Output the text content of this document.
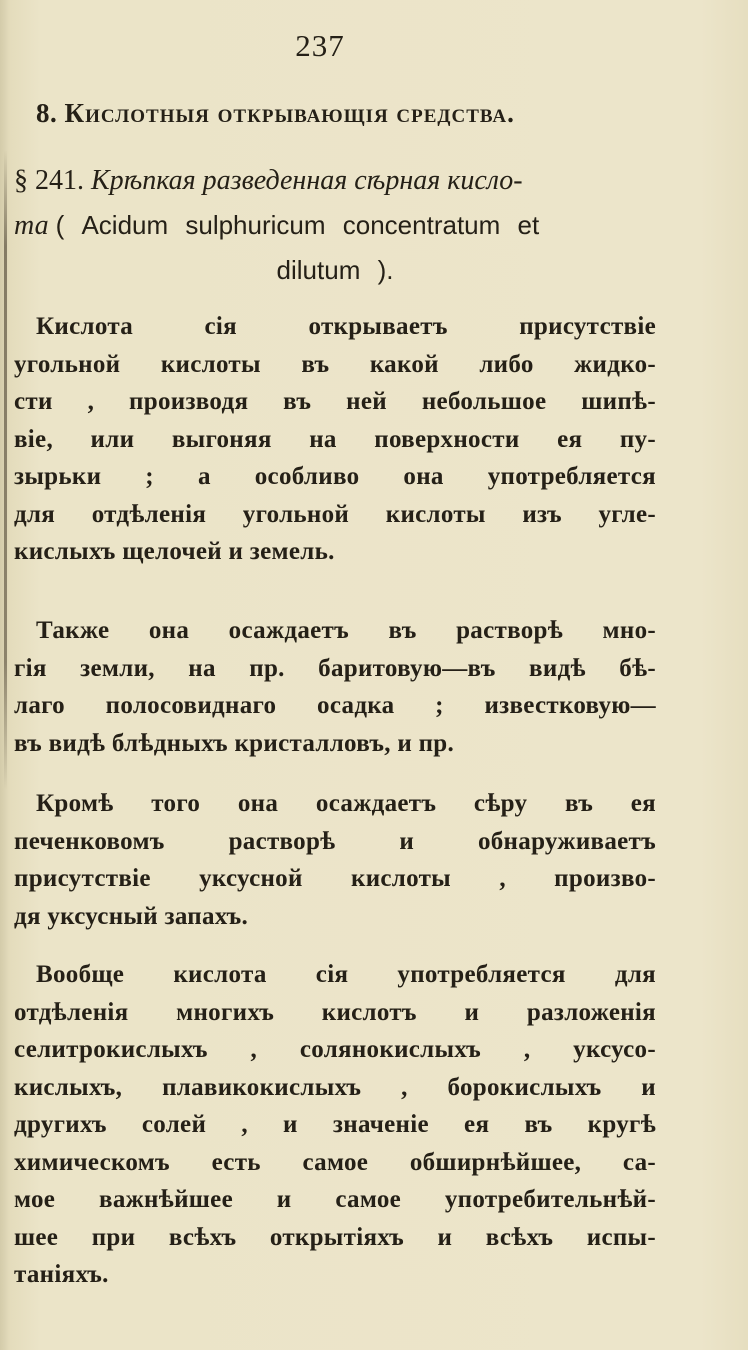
237
8. Кислотныя открывающія средства.
§ 241. Крѣпкая разведенная сѣрная кисло-
та ( Acidum sulphuricum concentratum et
dilutum ).
Кислота сія открываетъ присутствіе
угольной кислоты въ какой либо жидко-
сти , производя въ ней небольшое шипѣ-
віе, или выгоняя на поверхности ея пу-
зырьки ; а особливо она употребляется
для отдѣленія угольной кислоты изъ угле-
кислыхъ щелочей и земель.
Также она осаждаетъ въ растворѣ мно-
гія земли, на пр. баритовую—въ видѣ бѣ-
лаго полосовиднаго осадка ; известковую—
въ видѣ блѣдныхъ кристалловъ, и пр.
Кромѣ того она осаждаетъ сѣру въ ея
печенковомъ растворѣ и обнаруживаетъ
присутствіе уксусной кислоты , произво-
дя уксусный запахъ.
Вообще кислота сія употребляется для
отдѣленія многихъ кислотъ и разложенія
селитрокислыхъ , солянокислыхъ , уксусо-
кислыхъ, плавикокислыхъ , борокислыхъ и
другихъ солей , и значеніе ея въ кругѣ
химическомъ есть самое обширнѣйшее, са-
мое важнѣйшее и самое употребительнѣй-
шее при всѣхъ открытіяхъ и всѣхъ испы-
таніяхъ.
